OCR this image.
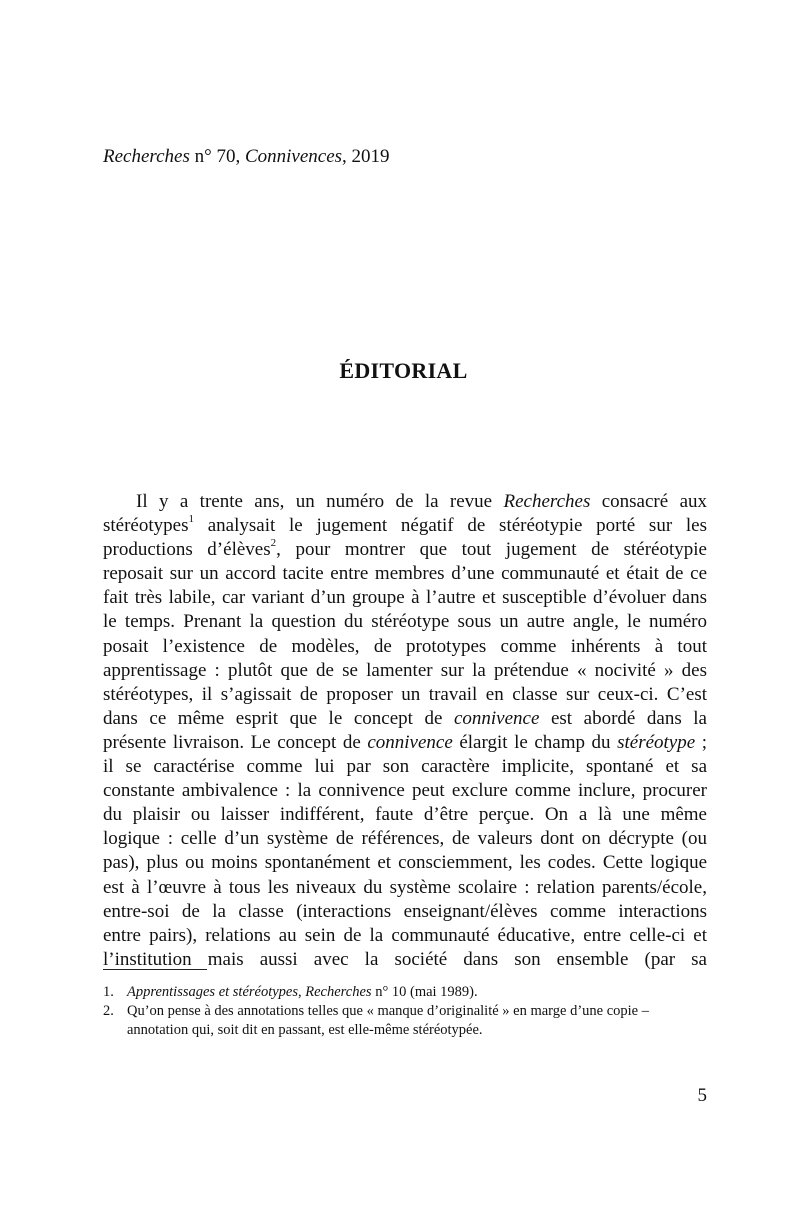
Recherches n° 70, Connivences, 2019
ÉDITORIAL
Il y a trente ans, un numéro de la revue Recherches consacré aux
stéréotypes$^1$ analysait le jugement négatif de stéréotypie porté sur les
productions d’élèves$^2$, pour montrer que tout jugement de stéréotypie
reposait sur un accord tacite entre membres d’une communauté et était de ce
fait très labile, car variant d’un groupe à l’autre et susceptible d’évoluer dans
le temps. Prenant la question du stéréotype sous un autre angle, le numéro
posait l’existence de modèles, de prototypes comme inhérents à tout
apprentissage : plutôt que de se lamenter sur la prétendue « nocivité » des
stéréotypes, il s’agissait de proposer un travail en classe sur ceux-ci. C’est
dans ce même esprit que le concept de connivence est abordé dans la
présente livraison. Le concept de connivence élargit le champ du stéréotype ;
il se caractérise comme lui par son caractère implicite, spontané et sa
constante ambivalence : la connivence peut exclure comme inclure, procurer
du plaisir ou laisser indifférent, faute d’être perçue. On a là une même
logique : celle d’un système de références, de valeurs dont on décrypte (ou
pas), plus ou moins spontanément et consciemment, les codes. Cette logique
est à l’œuvre à tous les niveaux du système scolaire : relation parents/école,
entre-soi de la classe (interactions enseignant/élèves comme interactions
entre pairs), relations au sein de la communauté éducative, entre celle-ci et
l’institution mais aussi avec la société dans son ensemble (par sa
1. Apprentissages et stéréotypes, Recherches n° 10 (mai 1989).
2. Qu’on pense à des annotations telles que « manque d’originalité » en marge d’une copie –
annotation qui, soit dit en passant, est elle-même stéréotypée.
5
